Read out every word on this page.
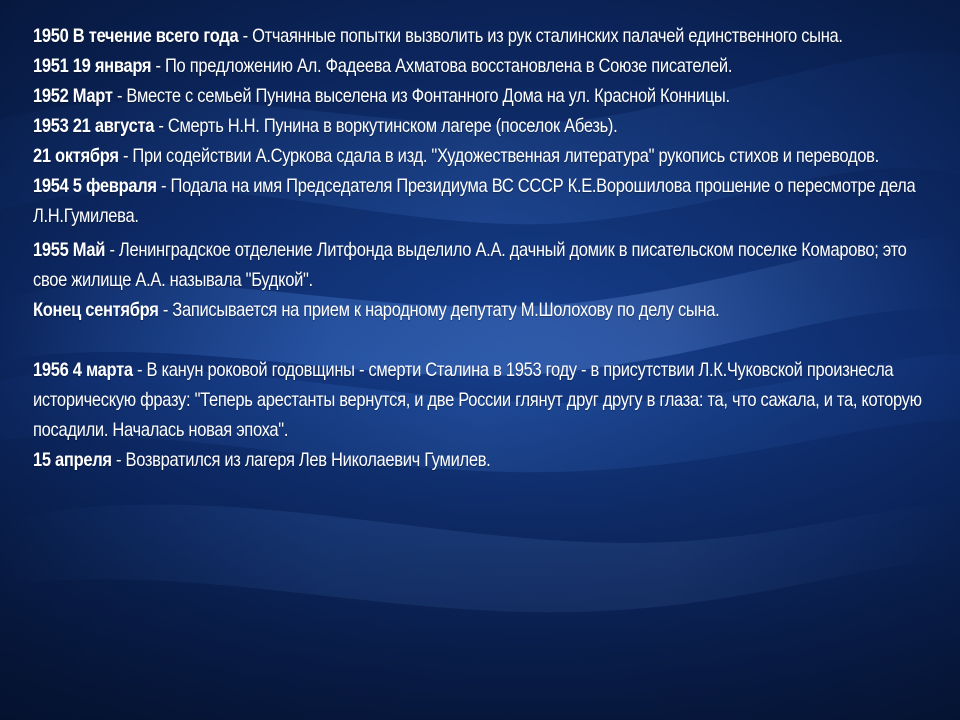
1950 В течение всего года - Отчаянные попытки вызволить из рук сталинских палачей единственного сына.

1951 19 января - По предложению Ал. Фадеева Ахматова восстановлена в Союзе писателей.

1952 Март - Вместе с семьей Пунина выселена из Фонтанного Дома на ул. Красной Конницы.

1953 21 августа - Смерть Н.Н. Пунина в воркутинском лагере (поселок Абезь).

21 октября - При содействии А.Суркова сдала в изд. "Художественная литература" рукопись стихов и переводов.

1954 5 февраля - Подала на имя Председателя Президиума ВС СССР К.Е.Ворошилова прошение о пересмотре дела Л.Н.Гумилева.

1955 Май - Ленинградское отделение Литфонда выделило А.А. дачный домик в писательском поселке Комарово; это свое жилище А.А. называла "Будкой".

Конец сентября - Записывается на прием к народному депутату М.Шолохову по делу сына.

1956 4 марта - В канун роковой годовщины - смерти Сталина в 1953 году - в присутствии Л.К.Чуковской произнесла историческую фразу: "Теперь арестанты вернутся, и две России глянут друг другу в глаза: та, что сажала, и та, которую посадили. Началась новая эпоха".

15 апреля - Возвратился из лагеря Лев Николаевич Гумилев.
